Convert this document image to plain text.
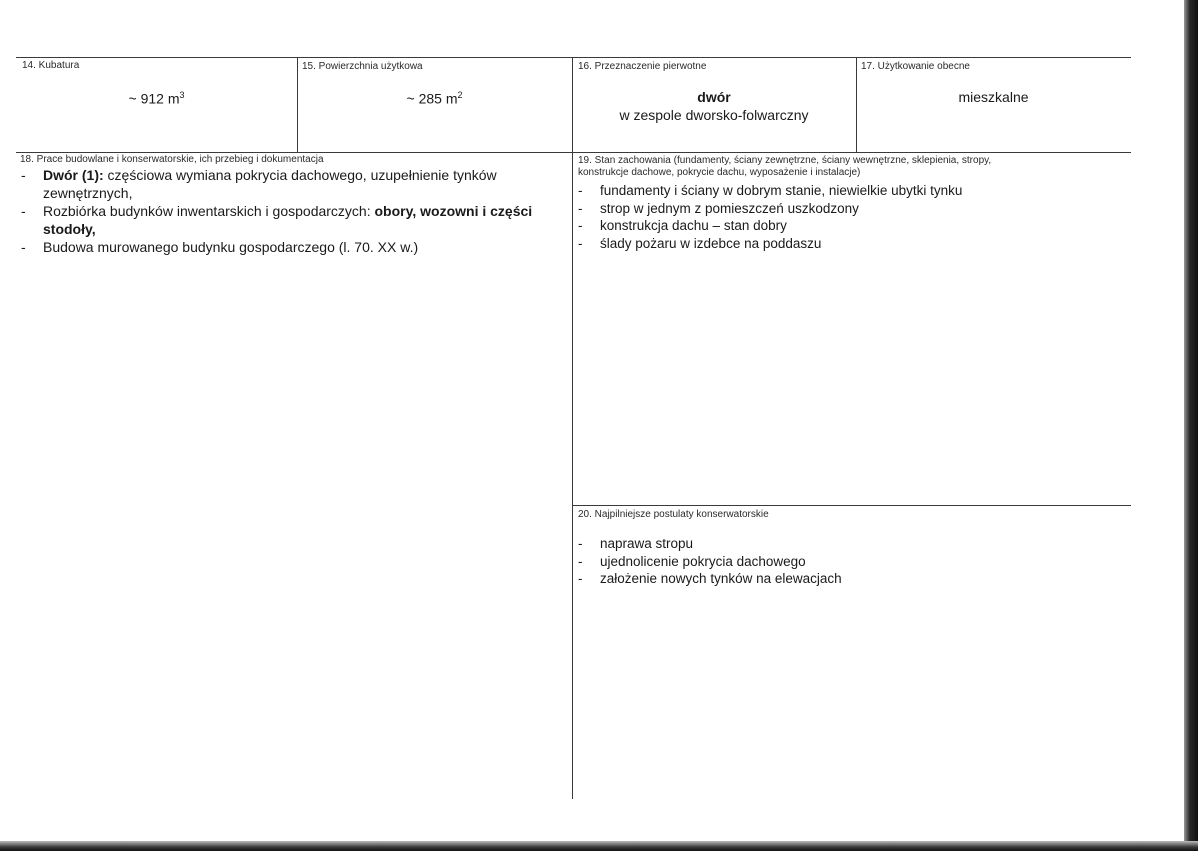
14. Kubatura
~ 912 $m^3$
15. Powierzchnia użytkowa
~ 285 $m^2$
16. Przeznaczenie pierwotne
dwór
w zespole dworsko-folwarczny
17. Użytkowanie obecne
mieszkalne
18. Prace budowlane i konserwatorskie, ich przebieg i dokumentacja
- Dwór (1): częściowa wymiana pokrycia dachowego, uzupełnienie tynków zewnętrznych,
- Rozbiórka budynków inwentarskich i gospodarczych: obory, wozowni i części stodoły,
- Budowa murowanego budynku gospodarczego (l. 70. XX w.)
19. Stan zachowania (fundamenty, ściany zewnętrzne, ściany wewnętrzne, sklepienia, stropy,
konstrukcje dachowe, pokrycie dachu, wyposażenie i instalacje)
- fundamenty i ściany w dobrym stanie, niewielkie ubytki tynku
- strop w jednym z pomieszczeń uszkodzony
- konstrukcja dachu – stan dobry
- ślady pożaru w izdebce na poddaszu
20. Najpilniejsze postulaty konserwatorskie
- naprawa stropu
- ujednolicenie pokrycia dachowego
- założenie nowych tynków na elewacjach
